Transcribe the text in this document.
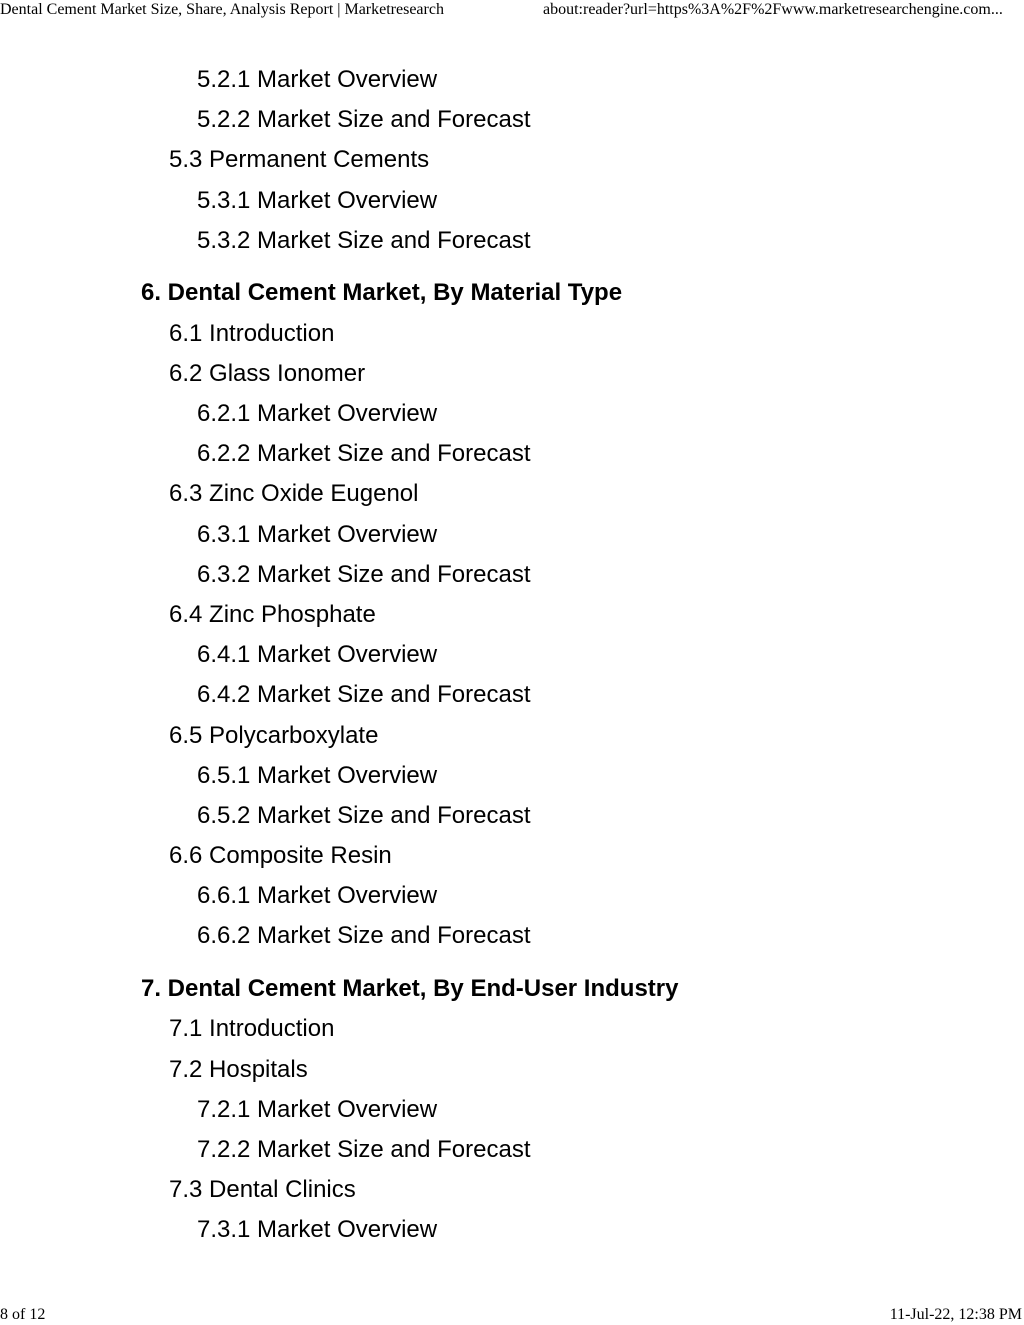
Dental Cement Market Size, Share, Analysis Report | Marketresearch	about:reader?url=https%3A%2F%2Fwww.marketresearchengine.com...
5.2.1 Market Overview
5.2.2 Market Size and Forecast
5.3 Permanent Cements
5.3.1 Market Overview
5.3.2 Market Size and Forecast
6. Dental Cement Market, By Material Type
6.1 Introduction
6.2 Glass Ionomer
6.2.1 Market Overview
6.2.2 Market Size and Forecast
6.3 Zinc Oxide Eugenol
6.3.1 Market Overview
6.3.2 Market Size and Forecast
6.4 Zinc Phosphate
6.4.1 Market Overview
6.4.2 Market Size and Forecast
6.5 Polycarboxylate
6.5.1 Market Overview
6.5.2 Market Size and Forecast
6.6 Composite Resin
6.6.1 Market Overview
6.6.2 Market Size and Forecast
7. Dental Cement Market, By End-User Industry
7.1 Introduction
7.2 Hospitals
7.2.1 Market Overview
7.2.2 Market Size and Forecast
7.3 Dental Clinics
7.3.1 Market Overview
8 of 12	11-Jul-22, 12:38 PM
